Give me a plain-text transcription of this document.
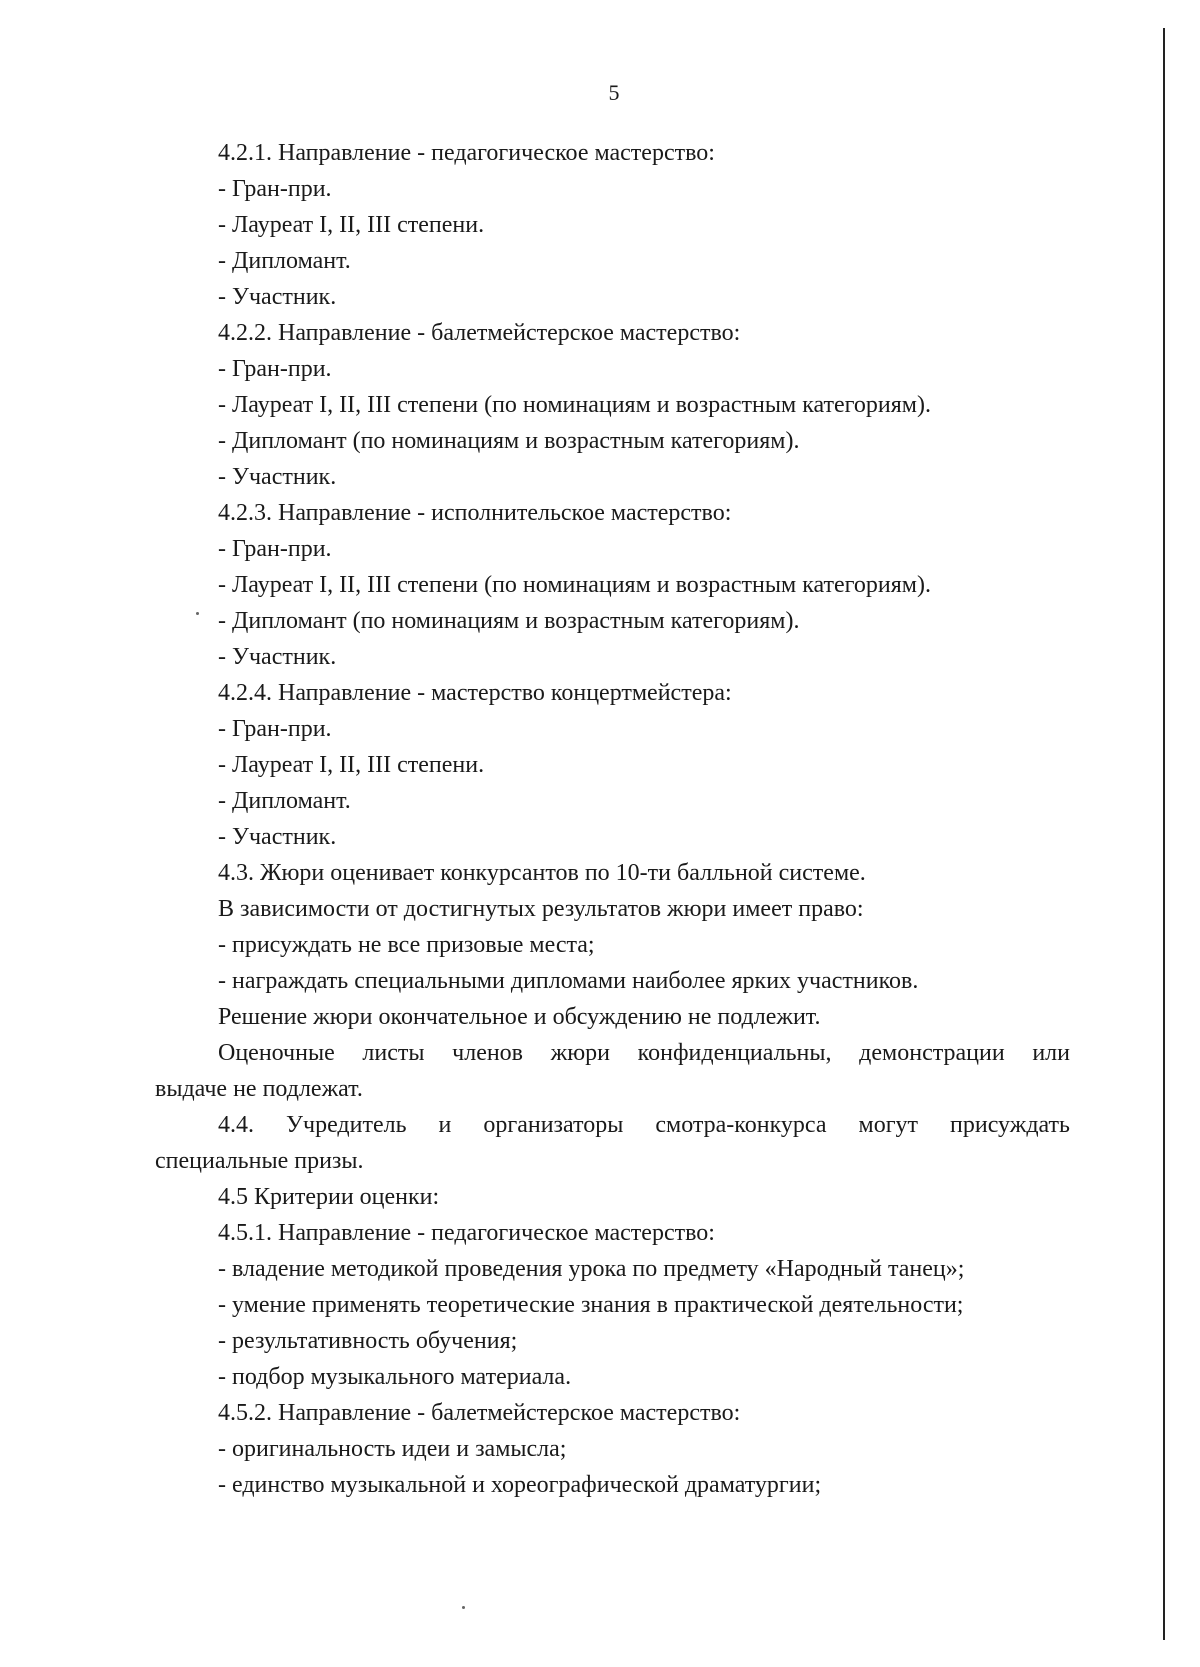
5
4.2.1. Направление - педагогическое мастерство:
- Гран-при.
- Лауреат I, II, III степени.
- Дипломант.
- Участник.
4.2.2. Направление - балетмейстерское мастерство:
- Гран-при.
- Лауреат I, II, III степени (по номинациям и возрастным категориям).
- Дипломант (по номинациям и возрастным категориям).
- Участник.
4.2.3. Направление - исполнительское мастерство:
- Гран-при.
- Лауреат I, II, III степени (по номинациям и возрастным категориям).
- Дипломант (по номинациям и возрастным категориям).
- Участник.
4.2.4. Направление - мастерство концертмейстера:
- Гран-при.
- Лауреат I, II, III степени.
- Дипломант.
- Участник.
4.3. Жюри оценивает конкурсантов по 10-ти балльной системе.
В зависимости от достигнутых результатов жюри имеет право:
- присуждать не все призовые места;
- награждать специальными дипломами наиболее ярких участников.
Решение жюри окончательное и обсуждению не подлежит.
Оценочные листы членов жюри конфиденциальны, демонстрации или
выдаче не подлежат.
4.4. Учредитель и организаторы смотра-конкурса могут присуждать
специальные призы.
4.5 Критерии оценки:
4.5.1. Направление - педагогическое мастерство:
- владение методикой проведения урока по предмету «Народный танец»;
- умение применять теоретические знания в практической деятельности;
- результативность обучения;
- подбор музыкального материала.
4.5.2. Направление - балетмейстерское мастерство:
- оригинальность идеи и замысла;
- единство музыкальной и хореографической драматургии;
